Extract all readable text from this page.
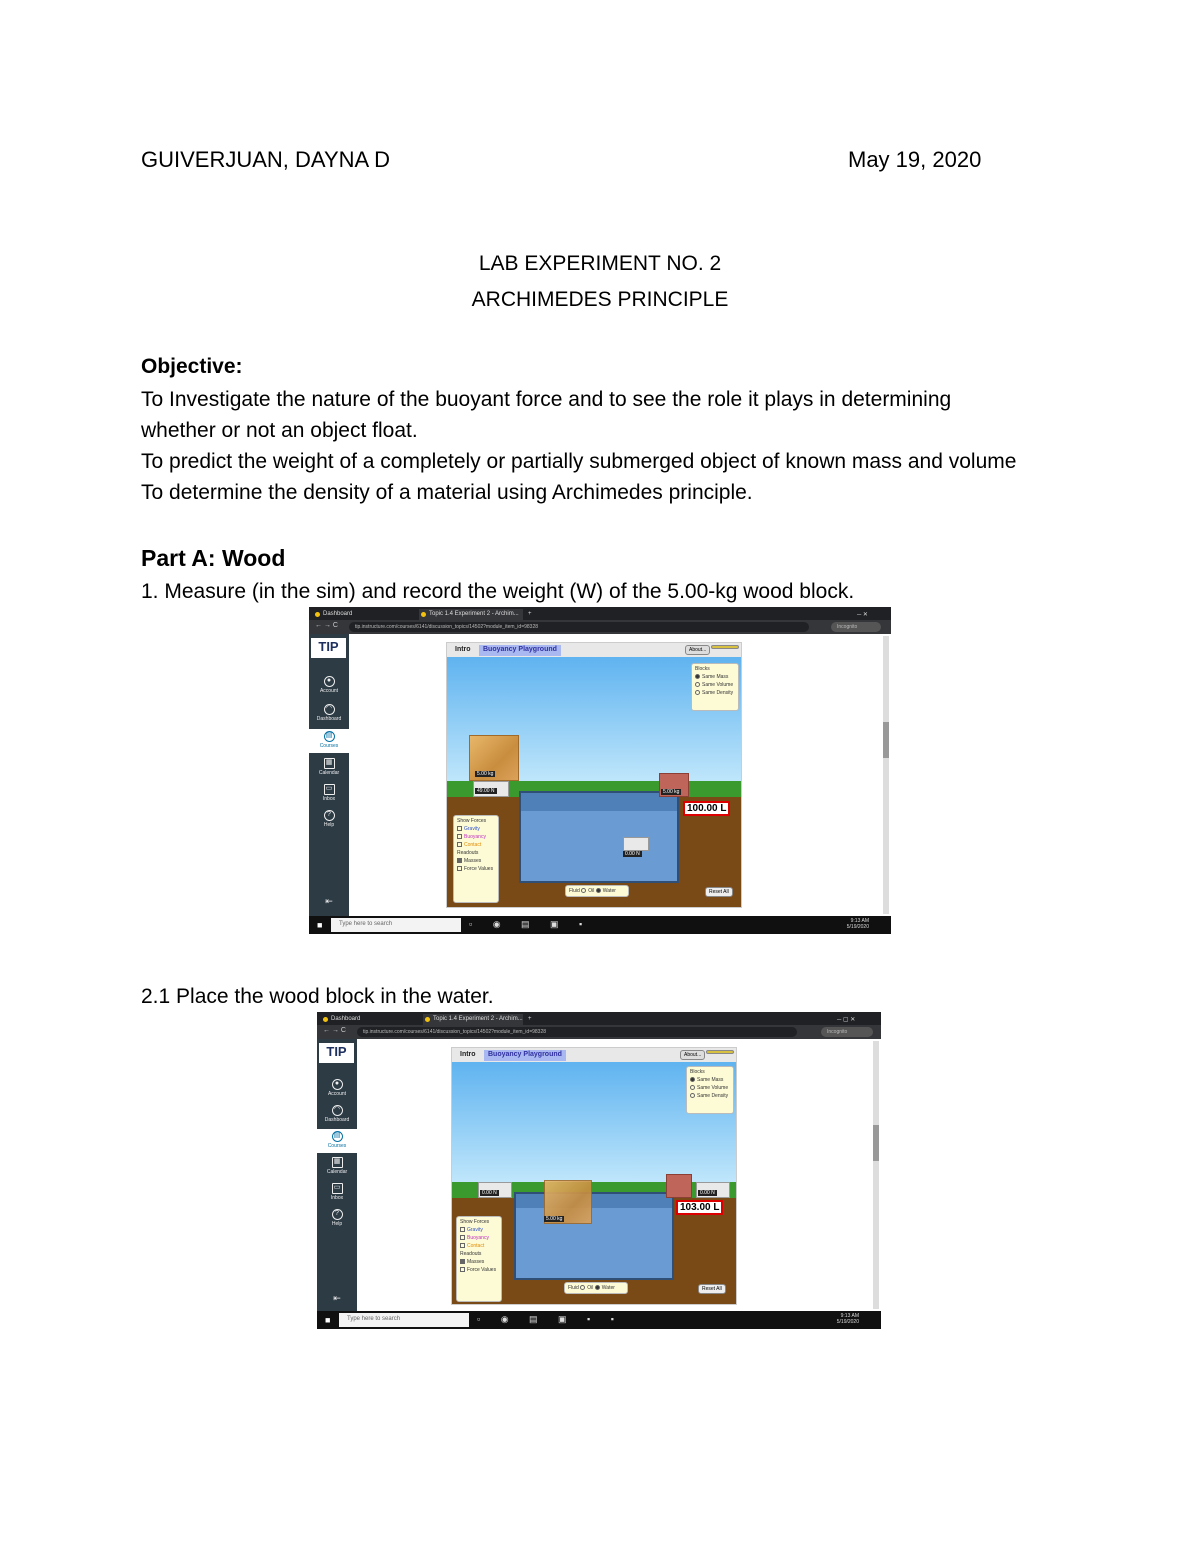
GUIVERJUAN, DAYNA D	May 19, 2020
LAB EXPERIMENT NO. 2
ARCHIMEDES PRINCIPLE
Objective:
To Investigate the nature of the buoyant force and to see the role it plays in determining
whether or not an object float.
To predict the weight of a completely or partially submerged object of known mass and volume
To determine the density of a material using Archimedes principle.
Part A: Wood
1. Measure (in the sim) and record the weight (W) of the 5.00-kg wood block.
Dashboard	Topic 1.4 Experiment 2 - Archim...	+	─ ✕
← → C	tip.instructure.com/courses/6141/discussion_topics/14502?module_item_id=98328	Incognito
TIP
●
Account
◠
Dashboard
▤
Courses
▦
Calendar
▭
Inbox
?
Help
⇤
Intro	Buoyancy Playground	About...
Blocks
Same Mass
Same Volume
Same Density
5.00 kg
49.00 N	5.00 kg
100.00 L
0.00 N
Show Forces
Gravity
Buoyancy
Contact
Readouts
Masses
Force Values
Fluid Oil Water	Reset All
■	Type here to search	▫ ◉ ▤ ▣ ▪	9:13 AM
5/19/2020
2.1 Place the wood block in the water.
Dashboard	Topic 1.4 Experiment 2 - Archim... +	─ ▢ ✕
← → C	tip.instructure.com/courses/6141/discussion_topics/14502?module_item_id=98328	Incognito
TIP
●
Account
◠
Dashboard
▤
Courses
▦
Calendar
▭
Inbox
?
Help
⇤
Intro	Buoyancy Playground	About...
Blocks
Same Mass
Same Volume
Same Density
0.00 N
5.00 kg
0.00 N
103.00 L
Show Forces
Gravity
Buoyancy
Contact
Readouts
Masses
Force Values
Fluid Oil Water	Reset All
■	Type here to search	▫ ◉ ▤ ▣ ▪ ▪	9:13 AM
5/19/2020
